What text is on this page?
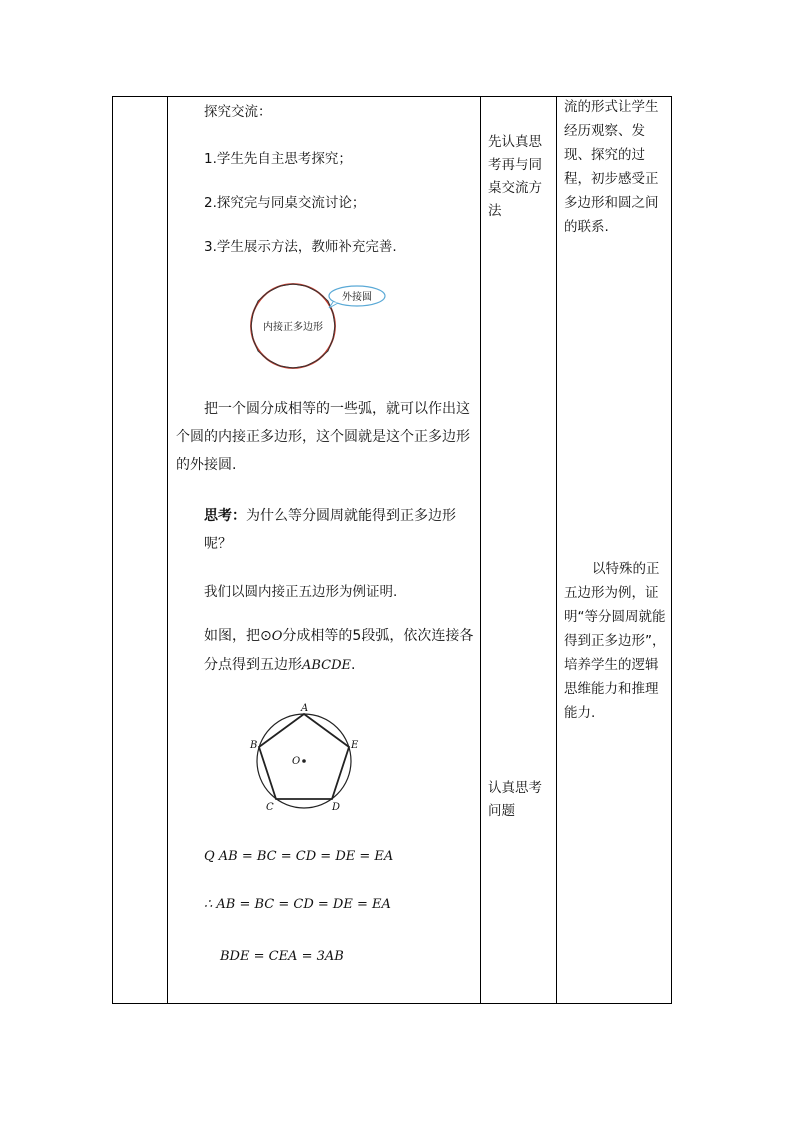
探究交流：
1.学生先自主思考探究；
2.探究完与同桌交流讨论；
3.学生展示方法，教师补充完善.
外接圆
内接正多边形
把一个圆分成相等的一些弧，就可以作出这个圆的内接正多边形，这个圆就是这个正多边形的外接圆.
思考：为什么等分圆周就能得到正多边形呢？
我们以圆内接正五边形为例证明.
如图，把⊙O分成相等的5段弧，依次连接各分点得到五边形ABCDE.
A
B
C	D
E
O
Q AB = BC = CD = DE = EA
∴ AB = BC = CD = DE = EA
BDE = CEA = 3AB
先认真思考再与同桌交流方法
认真思考问题
流的形式让学生经历观察、发现、探究的过程，初步感受正多边形和圆之间的联系.
以特殊的正五边形为例，证明“等分圆周就能得到正多边形”，培养学生的逻辑思维能力和推理能力.
